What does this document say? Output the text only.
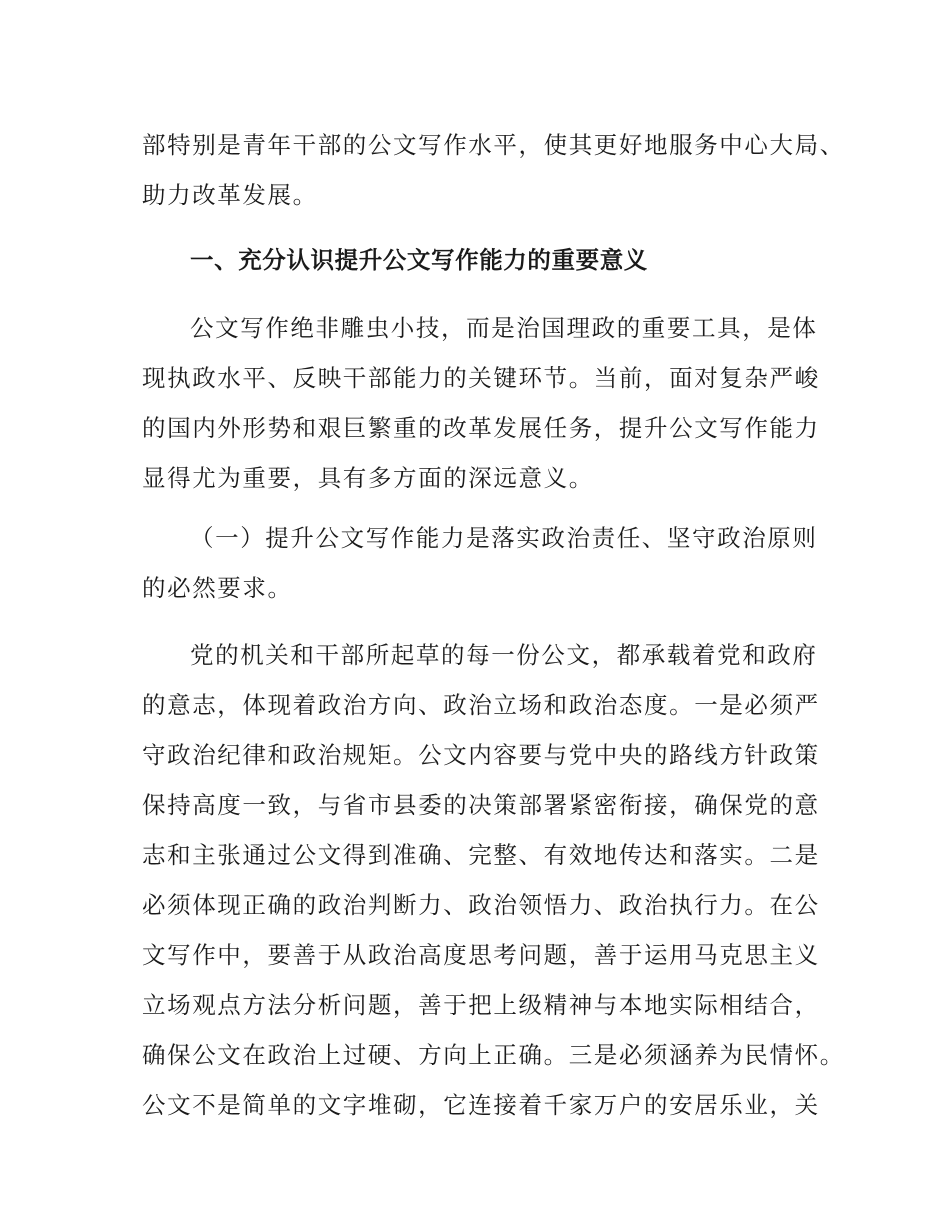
部特别是青年干部的公文写作水平，使其更好地服务中心大局、
助力改革发展。
一、充分认识提升公文写作能力的重要意义
公文写作绝非雕虫小技，而是治国理政的重要工具，是体
现执政水平、反映干部能力的关键环节。当前，面对复杂严峻
的国内外形势和艰巨繁重的改革发展任务，提升公文写作能力
显得尤为重要，具有多方面的深远意义。
（一）提升公文写作能力是落实政治责任、坚守政治原则
的必然要求。
党的机关和干部所起草的每一份公文，都承载着党和政府
的意志，体现着政治方向、政治立场和政治态度。一是必须严
守政治纪律和政治规矩。公文内容要与党中央的路线方针政策
保持高度一致，与省市县委的决策部署紧密衔接，确保党的意
志和主张通过公文得到准确、完整、有效地传达和落实。二是
必须体现正确的政治判断力、政治领悟力、政治执行力。在公
文写作中，要善于从政治高度思考问题，善于运用马克思主义
立场观点方法分析问题，善于把上级精神与本地实际相结合，
确保公文在政治上过硬、方向上正确。三是必须涵养为民情怀。
公文不是简单的文字堆砌，它连接着千家万户的安居乐业，关
